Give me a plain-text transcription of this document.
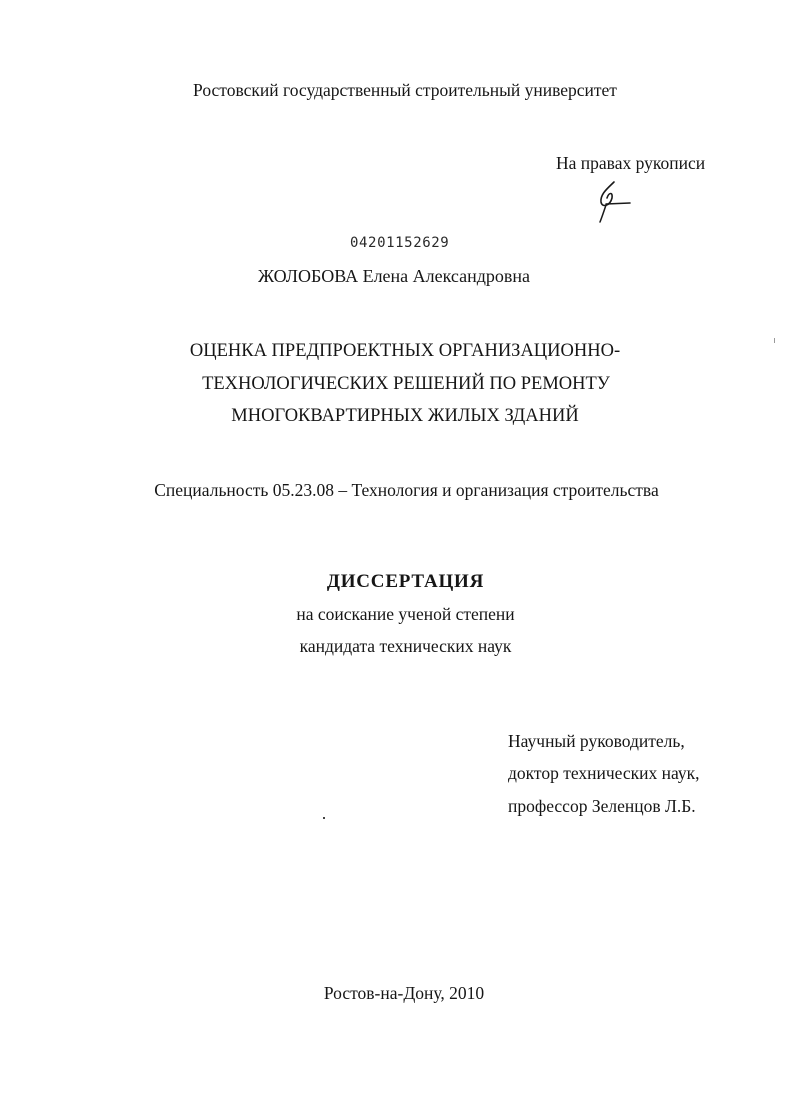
Ростовский государственный строительный университет
На правах рукописи
04201152629
ЖОЛОБОВА Елена Александровна
ОЦЕНКА ПРЕДПРОЕКТНЫХ ОРГАНИЗАЦИОННО-
ТЕХНОЛОГИЧЕСКИХ РЕШЕНИЙ ПО РЕМОНТУ
МНОГОКВАРТИРНЫХ ЖИЛЫХ ЗДАНИЙ
Специальность 05.23.08 – Технология и организация строительства
ДИССЕРТАЦИЯ
на соискание ученой степени
кандидата технических наук
Научный руководитель,
доктор технических наук,
профессор Зеленцов Л.Б.
Ростов-на-Дону, 2010
